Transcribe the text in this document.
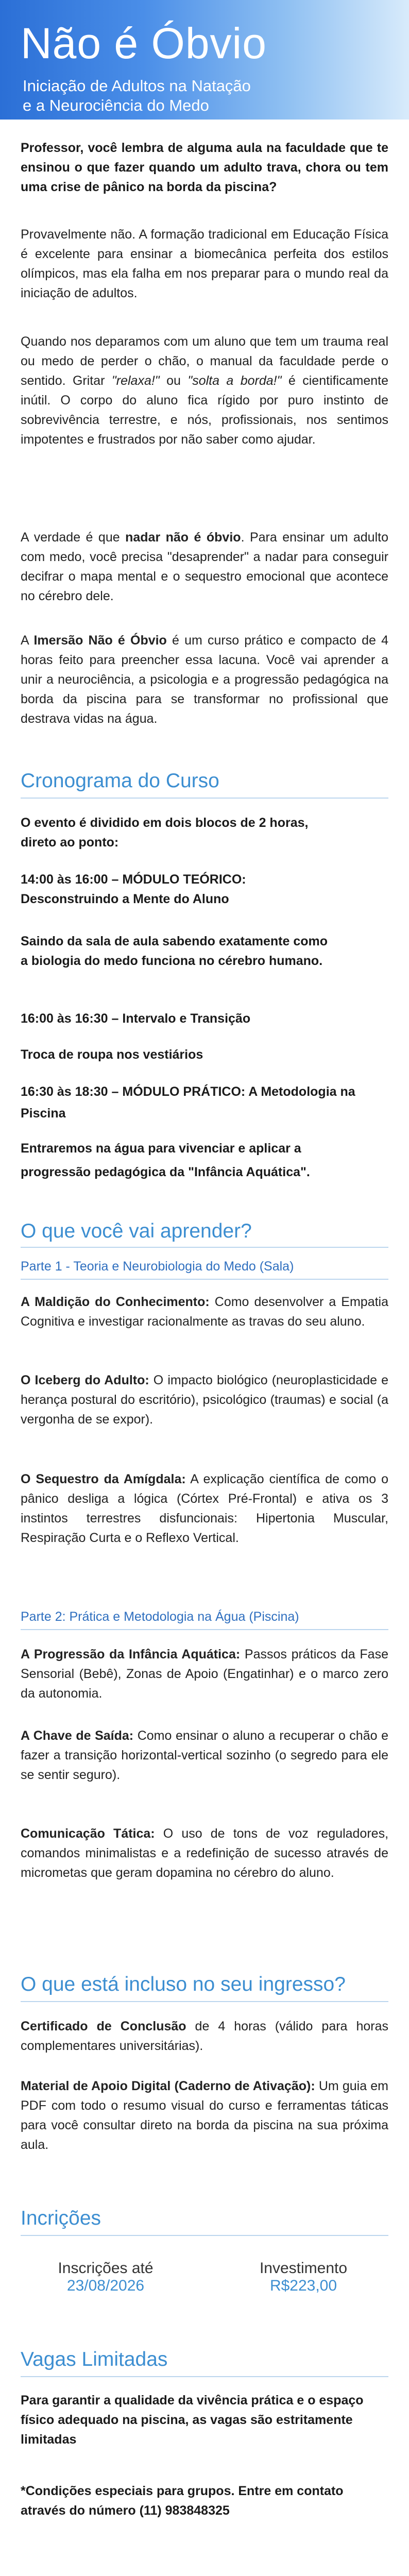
Não é Óbvio
Iniciação de Adultos na Natação
e a Neurociência do Medo

Professor, você lembra de alguma aula na faculdade que te ensinou o que fazer quando um adulto trava, chora ou tem uma crise de pânico na borda da piscina?

Provavelmente não. A formação tradicional em Educação Física é excelente para ensinar a biomecânica perfeita dos estilos olímpicos, mas ela falha em nos preparar para o mundo real da iniciação de adultos.

Quando nos deparamos com um aluno que tem um trauma real ou medo de perder o chão, o manual da faculdade perde o sentido. Gritar "relaxa!" ou "solta a borda!" é cientificamente inútil. O corpo do aluno fica rígido por puro instinto de sobrevivência terrestre, e nós, profissionais, nos sentimos impotentes e frustrados por não saber como ajudar.

A verdade é que nadar não é óbvio. Para ensinar um adulto com medo, você precisa "desaprender" a nadar para conseguir decifrar o mapa mental e o sequestro emocional que acontece no cérebro dele.

A Imersão Não é Óbvio é um curso prático e compacto de 4 horas feito para preencher essa lacuna. Você vai aprender a unir a neurociência, a psicologia e a progressão pedagógica na borda da piscina para se transformar no profissional que destrava vidas na água.

Cronograma do Curso

O evento é dividido em dois blocos de 2 horas, direto ao ponto:

14:00 às 16:00 – MÓDULO TEÓRICO: Desconstruindo a Mente do Aluno

Saindo da sala de aula sabendo exatamente como a biologia do medo funciona no cérebro humano.

16:00 às 16:30 – Intervalo e Transição

Troca de roupa nos vestiários

16:30 às 18:30 – MÓDULO PRÁTICO: A Metodologia na Piscina

Entraremos na água para vivenciar e aplicar a progressão pedagógica da "Infância Aquática".

O que você vai aprender?
Parte 1 - Teoria e Neurobiologia do Medo (Sala)

A Maldição do Conhecimento: Como desenvolver a Empatia Cognitiva e investigar racionalmente as travas do seu aluno.

O Iceberg do Adulto: O impacto biológico (neuroplasticidade e herança postural do escritório), psicológico (traumas) e social (a vergonha de se expor).

O Sequestro da Amígdala: A explicação científica de como o pânico desliga a lógica (Córtex Pré-Frontal) e ativa os 3 instintos terrestres disfuncionais: Hipertonia Muscular, Respiração Curta e o Reflexo Vertical.

Parte 2: Prática e Metodologia na Água (Piscina)

A Progressão da Infância Aquática: Passos práticos da Fase Sensorial (Bebê), Zonas de Apoio (Engatinhar) e o marco zero da autonomia.

A Chave de Saída: Como ensinar o aluno a recuperar o chão e fazer a transição horizontal-vertical sozinho (o segredo para ele se sentir seguro).

Comunicação Tática: O uso de tons de voz reguladores, comandos minimalistas e a redefinição de sucesso através de micrometas que geram dopamina no cérebro do aluno.

O que está incluso no seu ingresso?

Certificado de Conclusão de 4 horas (válido para horas complementares universitárias).

Material de Apoio Digital (Caderno de Ativação): Um guia em PDF com todo o resumo visual do curso e ferramentas táticas para você consultar direto na borda da piscina na sua próxima aula.

Incrições
Inscrições até
23/08/2026
Investimento
R$223,00
Vagas Limitadas

Para garantir a qualidade da vivência prática e o espaço físico adequado na piscina, as vagas são estritamente limitadas

*Condições especiais para grupos. Entre em contato através do número (11) 983848325
